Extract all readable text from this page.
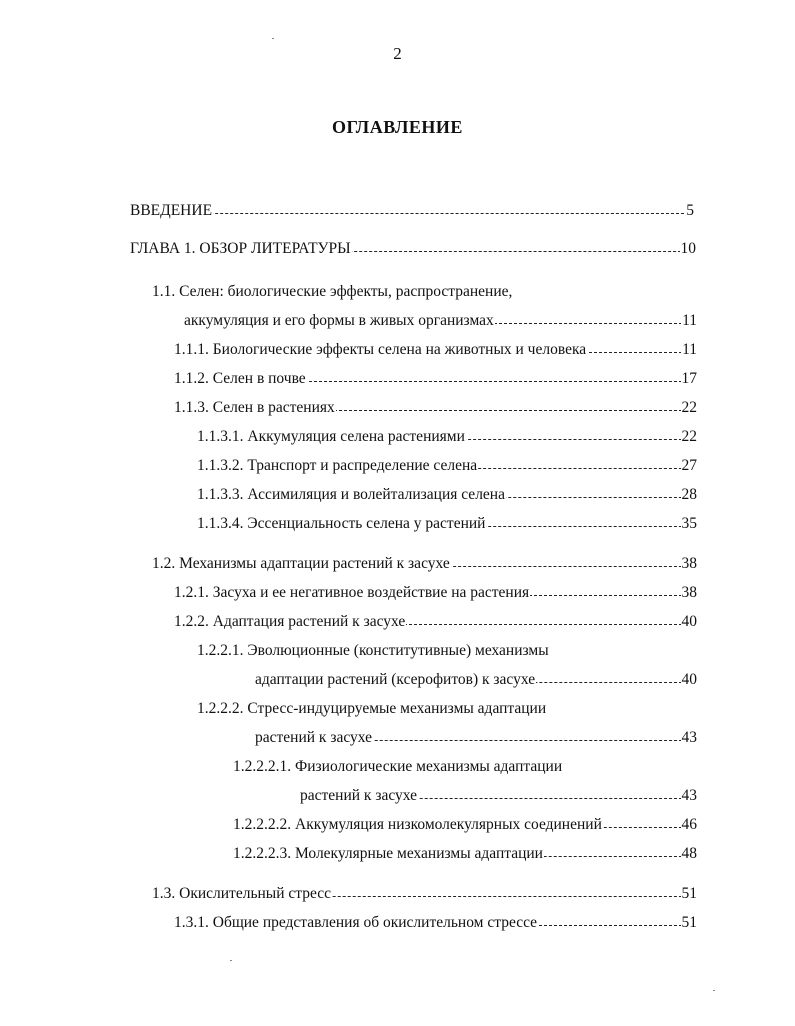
2
ОГЛАВЛЕНИЕ
ВВЕДЕНИЕ	5
ГЛАВА 1. ОБЗОР ЛИТЕРАТУРЫ	10
1.1. Селен: биологические эффекты, распространение,
аккумуляция и его формы в живых организмах	11
1.1.1. Биологические эффекты селена на животных и человека	11
1.1.2. Селен в почве	17
1.1.3. Селен в растениях	22
1.1.3.1. Аккумуляция селена растениями	22
1.1.3.2. Транспорт и распределение селена	27
1.1.3.3. Ассимиляция и волейтализация селена	28
1.1.3.4. Эссенциальность селена у растений	35
1.2. Механизмы адаптации растений к засухе	38
1.2.1. Засуха и ее негативное воздействие на растения	38
1.2.2. Адаптация растений к засухе	40
1.2.2.1. Эволюционные (конститутивные) механизмы
адаптации растений (ксерофитов) к засухе	40
1.2.2.2. Стресс-индуцируемые механизмы адаптации
растений к засухе	43
1.2.2.2.1. Физиологические механизмы адаптации
растений к засухе	43
1.2.2.2.2. Аккумуляция низкомолекулярных соединений	46
1.2.2.2.3. Молекулярные механизмы адаптации	48
1.3. Окислительный стресс	51
1.3.1. Общие представления об окислительном стрессе	51
